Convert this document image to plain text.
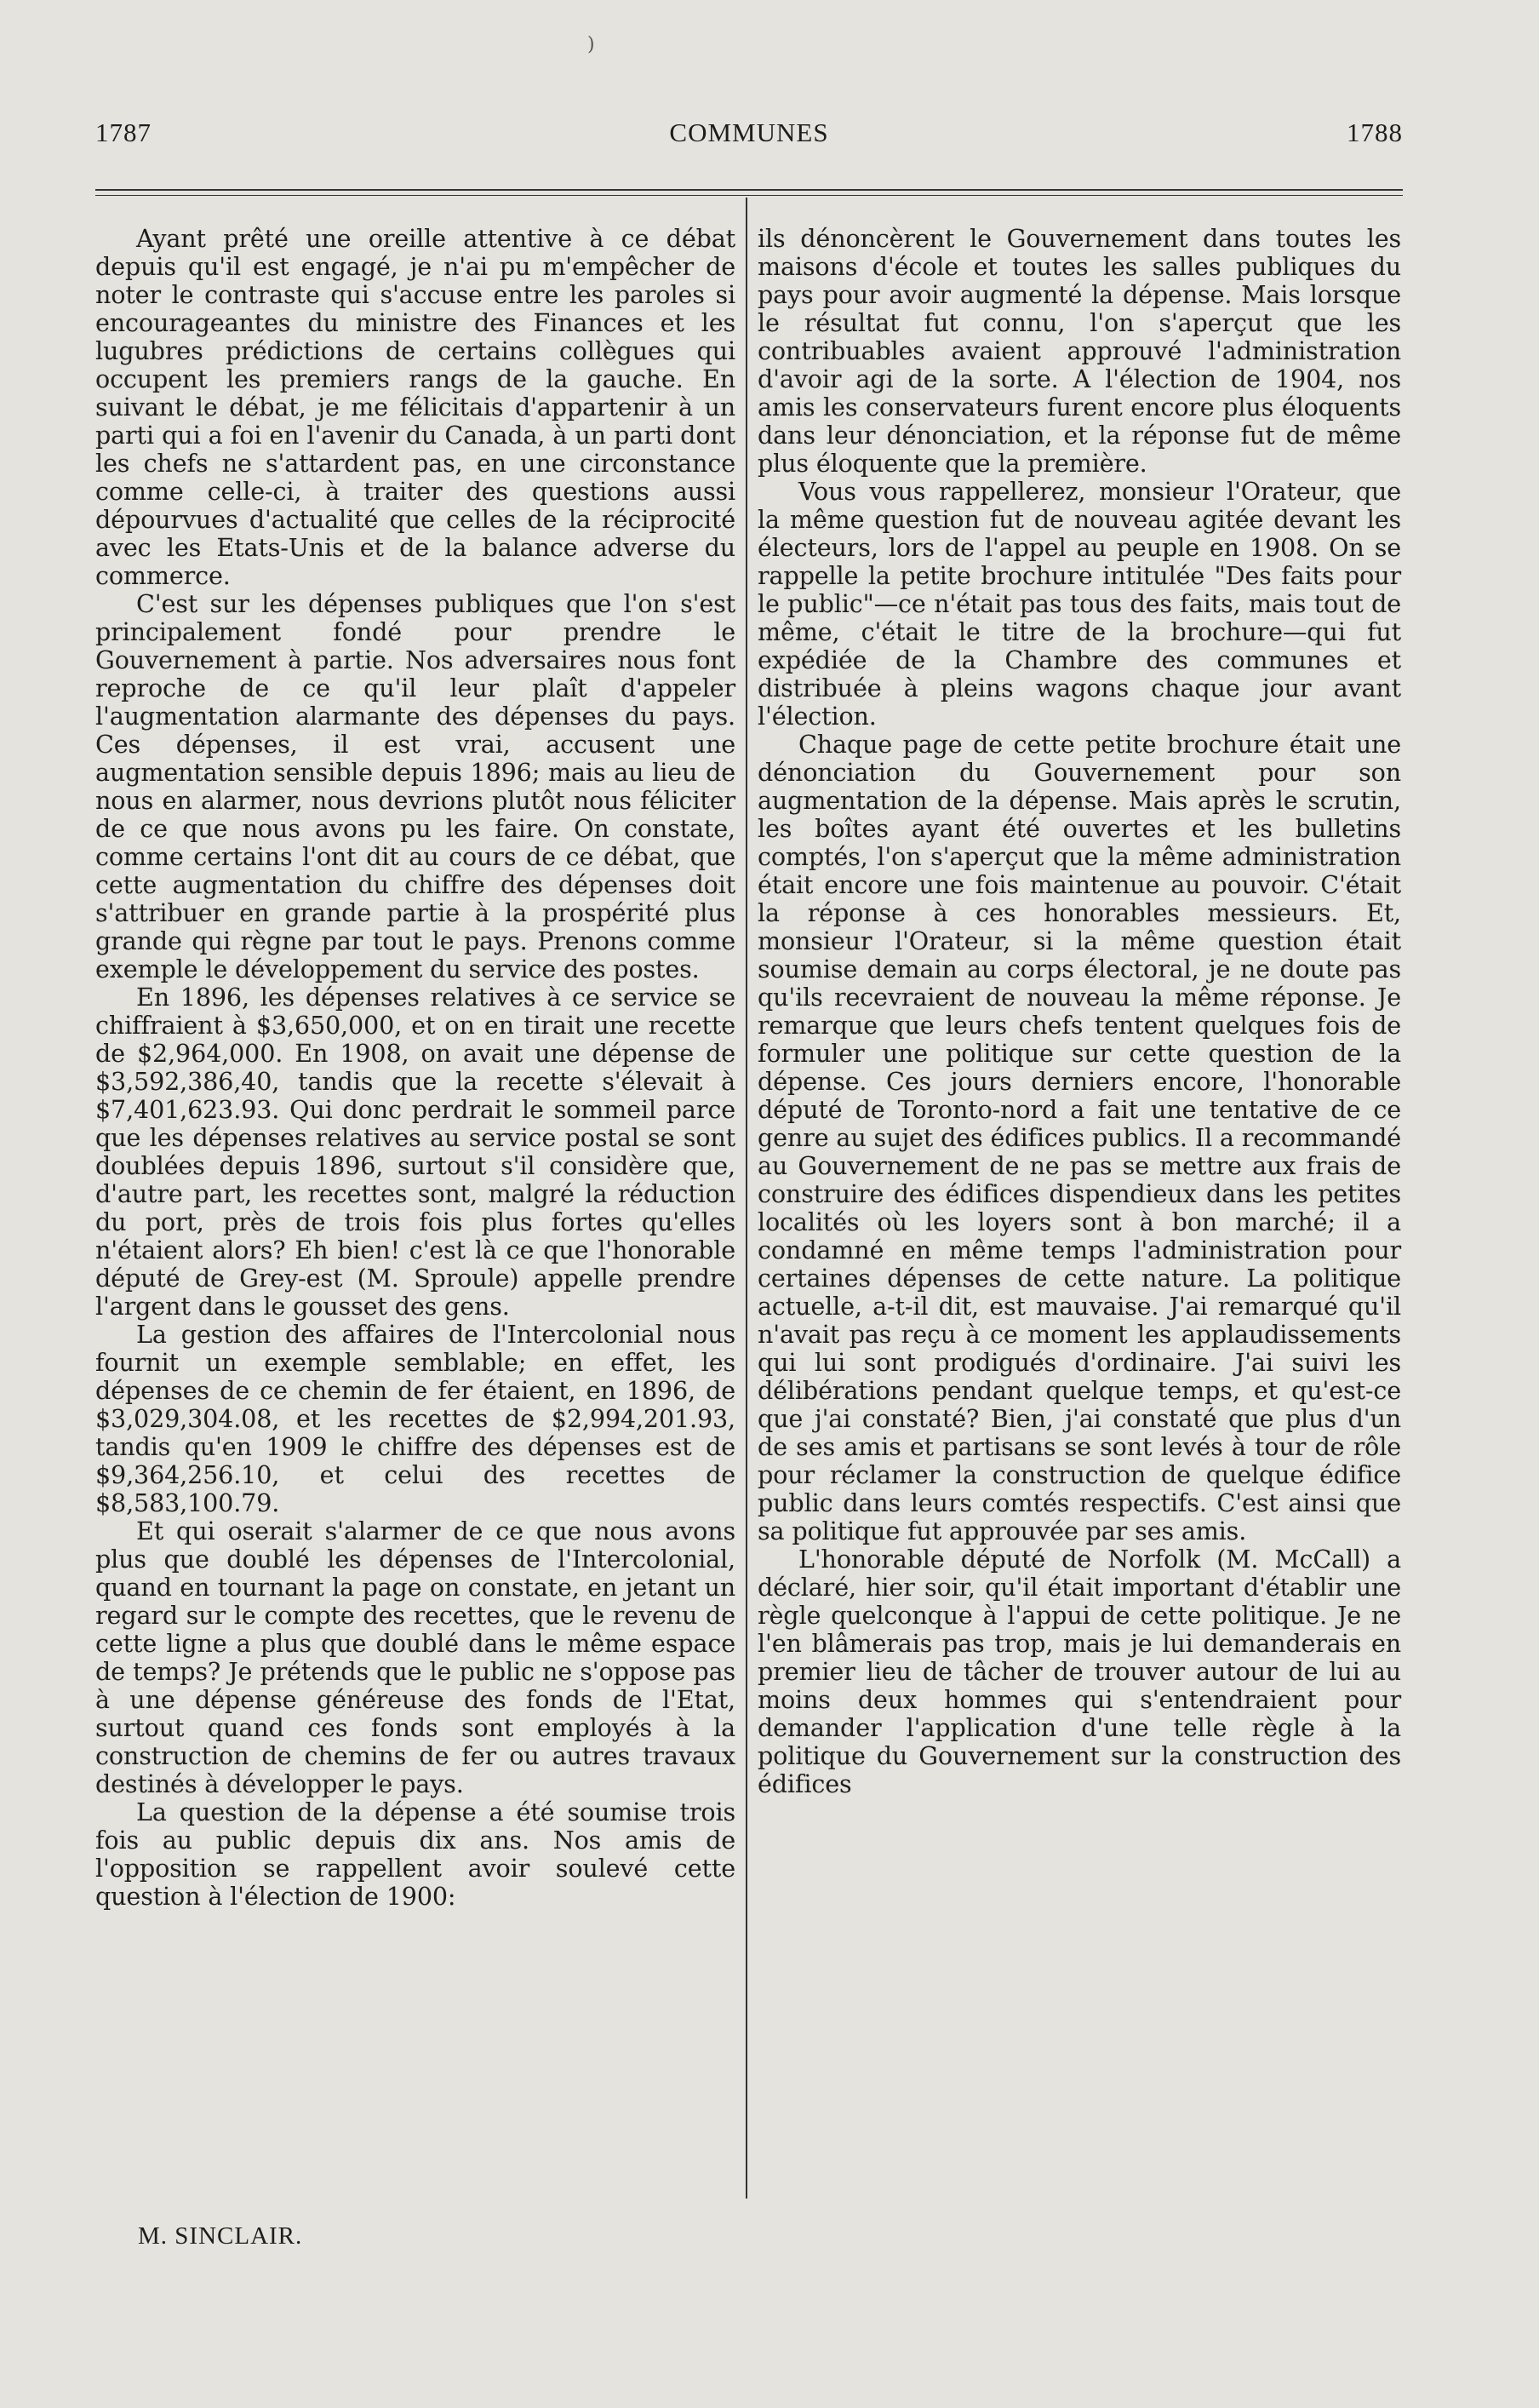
)
1787	COMMUNES	1788

Ayant prêté une oreille attentive à ce débat depuis qu'il est engagé, je n'ai pu m'empêcher de noter le contraste qui s'accuse entre les paroles si encourageantes du ministre des Finances et les lugubres prédictions de certains collègues qui occupent les premiers rangs de la gauche. En suivant le débat, je me félicitais d'appartenir à un parti qui a foi en l'avenir du Canada, à un parti dont les chefs ne s'attardent pas, en une circonstance comme celle-ci, à traiter des questions aussi dépourvues d'actualité que celles de la réciprocité avec les Etats-Unis et de la balance adverse du commerce.

C'est sur les dépenses publiques que l'on s'est principalement fondé pour prendre le Gouvernement à partie. Nos adversaires nous font reproche de ce qu'il leur plaît d'appeler l'augmentation alarmante des dépenses du pays. Ces dépenses, il est vrai, accusent une augmentation sensible depuis 1896; mais au lieu de nous en alarmer, nous devrions plutôt nous féliciter de ce que nous avons pu les faire. On constate, comme certains l'ont dit au cours de ce débat, que cette augmentation du chiffre des dépenses doit s'attribuer en grande partie à la prospérité plus grande qui règne par tout le pays. Prenons comme exemple le développement du service des postes.

En 1896, les dépenses relatives à ce service se chiffraient à $3,650,000, et on en tirait une recette de $2,964,000. En 1908, on avait une dépense de $3,592,386,40, tandis que la recette s'élevait à $7,401,623.93. Qui donc perdrait le sommeil parce que les dépenses relatives au service postal se sont doublées depuis 1896, surtout s'il considère que, d'autre part, les recettes sont, malgré la réduction du port, près de trois fois plus fortes qu'elles n'étaient alors? Eh bien! c'est là ce que l'honorable député de Grey-est (M. Sproule) appelle prendre l'argent dans le gousset des gens.

La gestion des affaires de l'Intercolonial nous fournit un exemple semblable; en effet, les dépenses de ce chemin de fer étaient, en 1896, de $3,029,304.08, et les recettes de $2,994,201.93, tandis qu'en 1909 le chiffre des dépenses est de $9,364,256.10, et celui des recettes de $8,583,100.79.

Et qui oserait s'alarmer de ce que nous avons plus que doublé les dépenses de l'Intercolonial, quand en tournant la page on constate, en jetant un regard sur le compte des recettes, que le revenu de cette ligne a plus que doublé dans le même espace de temps? Je prétends que le public ne s'oppose pas à une dépense généreuse des fonds de l'Etat, surtout quand ces fonds sont employés à la construction de chemins de fer ou autres travaux destinés à développer le pays.

La question de la dépense a été soumise trois fois au public depuis dix ans. Nos amis de l'opposition se rappellent avoir soulevé cette question à l'élection de 1900:

ils dénoncèrent le Gouvernement dans toutes les maisons d'école et toutes les salles publiques du pays pour avoir augmenté la dépense. Mais lorsque le résultat fut connu, l'on s'aperçut que les contribuables avaient approuvé l'administration d'avoir agi de la sorte. A l'élection de 1904, nos amis les conservateurs furent encore plus éloquents dans leur dénonciation, et la réponse fut de même plus éloquente que la première.

Vous vous rappellerez, monsieur l'Orateur, que la même question fut de nouveau agitée devant les électeurs, lors de l'appel au peuple en 1908. On se rappelle la petite brochure intitulée "Des faits pour le public"—ce n'était pas tous des faits, mais tout de même, c'était le titre de la brochure—qui fut expédiée de la Chambre des communes et distribuée à pleins wagons chaque jour avant l'élection.

Chaque page de cette petite brochure était une dénonciation du Gouvernement pour son augmentation de la dépense. Mais après le scrutin, les boîtes ayant été ouvertes et les bulletins comptés, l'on s'aperçut que la même administration était encore une fois maintenue au pouvoir. C'était la réponse à ces honorables messieurs. Et, monsieur l'Orateur, si la même question était soumise demain au corps électoral, je ne doute pas qu'ils recevraient de nouveau la même réponse. Je remarque que leurs chefs tentent quelques fois de formuler une politique sur cette question de la dépense. Ces jours derniers encore, l'honorable député de Toronto-nord a fait une tentative de ce genre au sujet des édifices publics. Il a recommandé au Gouvernement de ne pas se mettre aux frais de construire des édifices dispendieux dans les petites localités où les loyers sont à bon marché; il a condamné en même temps l'administration pour certaines dépenses de cette nature. La politique actuelle, a-t-il dit, est mauvaise. J'ai remarqué qu'il n'avait pas reçu à ce moment les applaudissements qui lui sont prodigués d'ordinaire. J'ai suivi les délibérations pendant quelque temps, et qu'est-ce que j'ai constaté? Bien, j'ai constaté que plus d'un de ses amis et partisans se sont levés à tour de rôle pour réclamer la construction de quelque édifice public dans leurs comtés respectifs. C'est ainsi que sa politique fut approuvée par ses amis.

L'honorable député de Norfolk (M. McCall) a déclaré, hier soir, qu'il était important d'établir une règle quelconque à l'appui de cette politique. Je ne l'en blâmerais pas trop, mais je lui demanderais en premier lieu de tâcher de trouver autour de lui au moins deux hommes qui s'entendraient pour demander l'application d'une telle règle à la politique du Gouvernement sur la construction des édifices

M. SINCLAIR.
